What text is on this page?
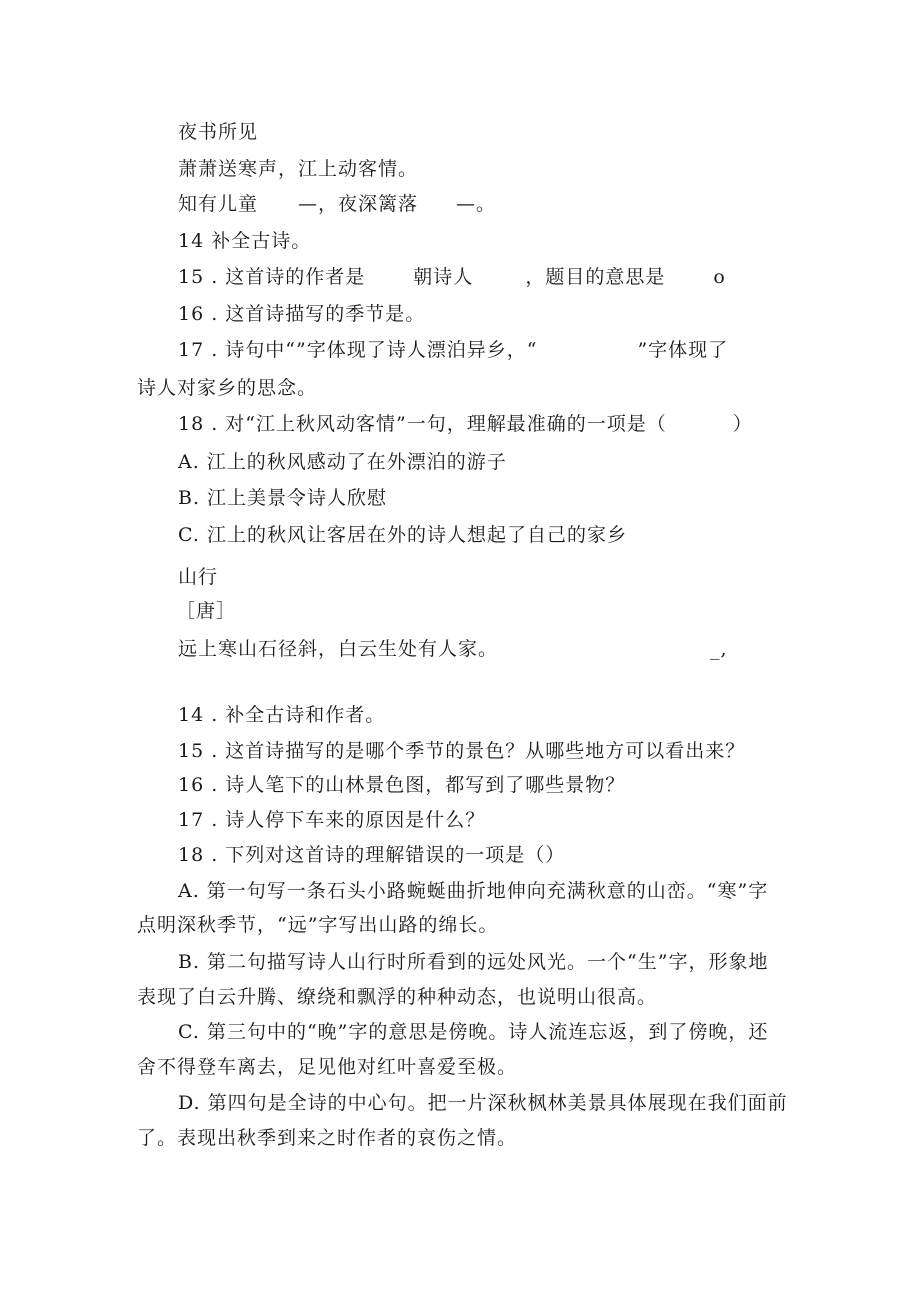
夜书所见
萧萧送寒声，江上动客情。
知有儿童 —，夜深篱落 —。
14 补全古诗。
15 . 这首诗的作者是	朝诗人	，题目的意思是	o
16 . 这首诗描写的季节是。
17 . 诗句中“”字体现了诗人漂泊异乡，“	”字体现了
诗人对家乡的思念。
18 . 对“江上秋风动客情”一句，理解最准确的一项是（	）
A. 江上的秋风感动了在外漂泊的游子
B. 江上美景令诗人欣慰
C. 江上的秋风让客居在外的诗人想起了自己的家乡
山行
［唐］
远上寒山石径斜，白云生处有人家。	_,
14 . 补全古诗和作者。
15 . 这首诗描写的是哪个季节的景色？从哪些地方可以看出来？
16 . 诗人笔下的山林景色图，都写到了哪些景物？
17 . 诗人停下车来的原因是什么？
18 . 下列对这首诗的理解错误的一项是（）
A. 第一句写一条石头小路蜿蜒曲折地伸向充满秋意的山峦。“寒”字
点明深秋季节，“远”字写出山路的绵长。
B. 第二句描写诗人山行时所看到的远处风光。一个“生”字，形象地
表现了白云升腾、缭绕和飘浮的种种动态，也说明山很高。
C. 第三句中的“晚”字的意思是傍晚。诗人流连忘返，到了傍晚，还
舍不得登车离去，足见他对红叶喜爱至极。
D. 第四句是全诗的中心句。把一片深秋枫林美景具体展现在我们面前
了。表现出秋季到来之时作者的哀伤之情。
